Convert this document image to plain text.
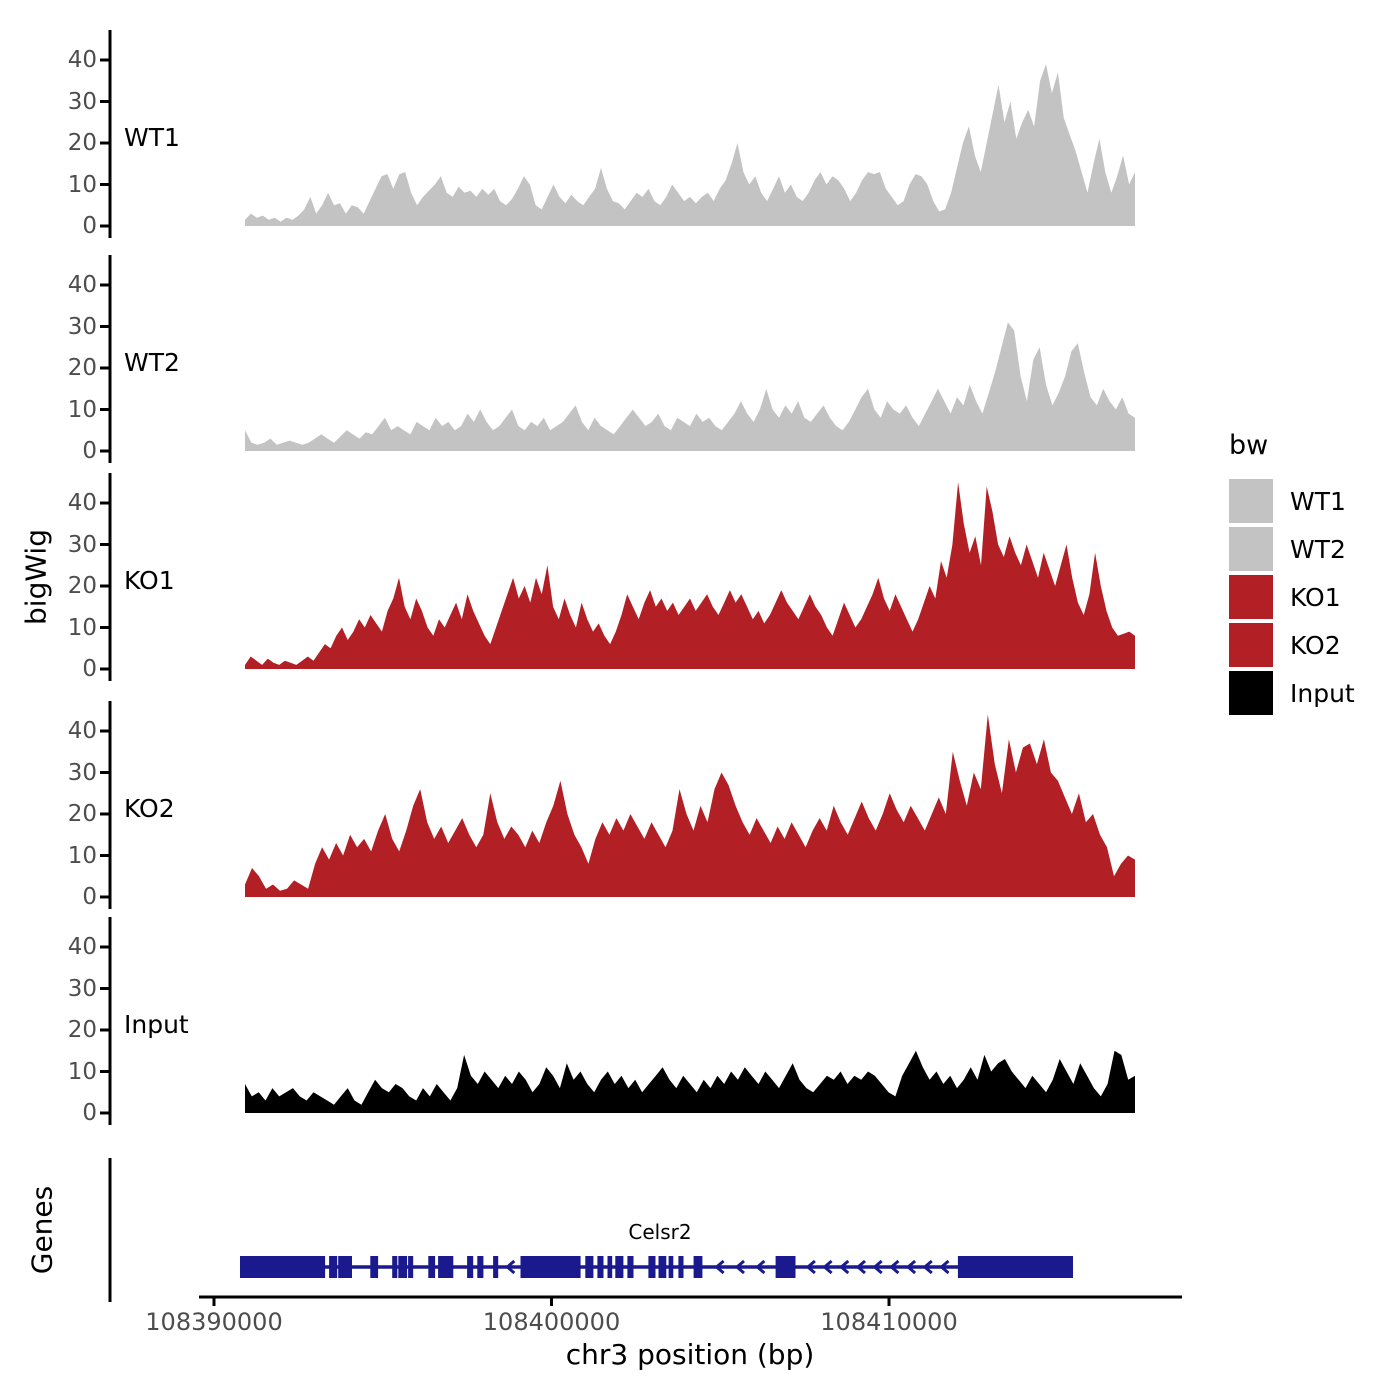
40
30
20
10
0
40
30
20
10
0
40
30
20
10
0
40
30
20
10
0
40
30
20
10
0
bigWig
Genes
WT1
WT2
KO1
KO2
Input
Celsr2
108390000	108400000	108410000
chr3 position (bp)
bw
WT1
WT2
KO1
KO2
Input
